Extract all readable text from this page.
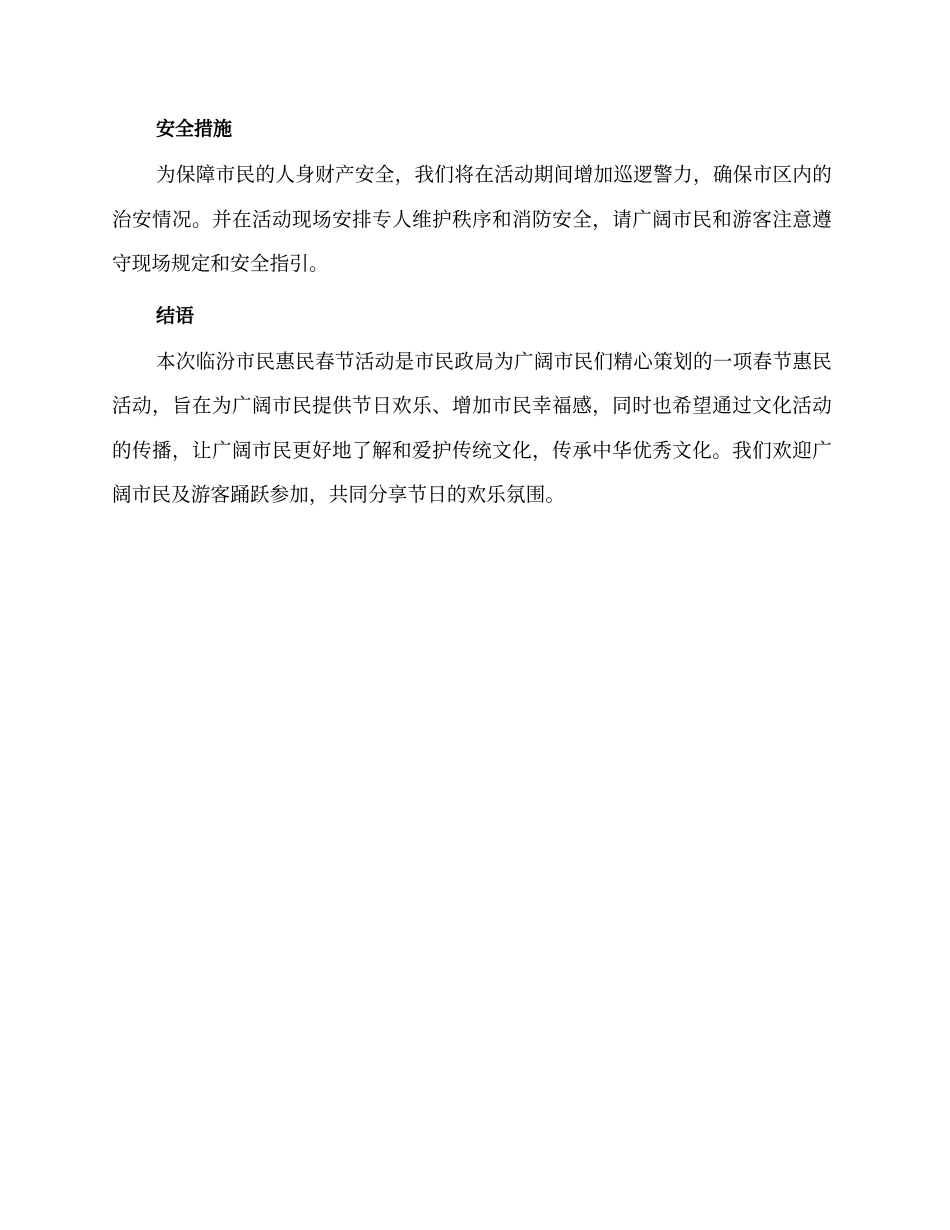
安全措施

为保障市民的人身财产安全，我们将在活动期间增加巡逻警力，确保市区内的治安情况。并在活动现场安排专人维护秩序和消防安全，请广阔市民和游客注意遵守现场规定和安全指引。

结语

本次临汾市民惠民春节活动是市民政局为广阔市民们精心策划的一项春节惠民活动，旨在为广阔市民提供节日欢乐、增加市民幸福感，同时也希望通过文化活动的传播，让广阔市民更好地了解和爱护传统文化，传承中华优秀文化。我们欢迎广阔市民及游客踊跃参加，共同分享节日的欢乐氛围。
